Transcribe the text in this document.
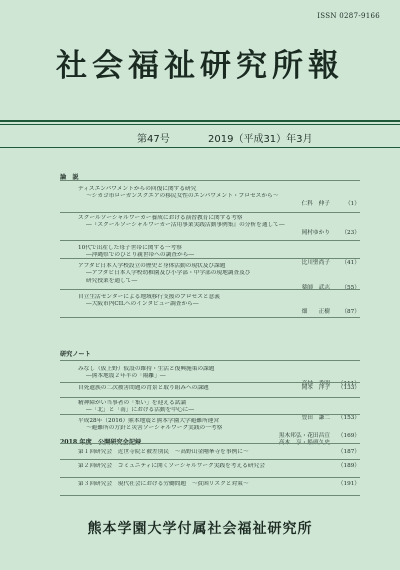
ISSN 0287-9166
社会福祉研究所報
第47号	2019（平成31）年3月
論　説
ディスエンパワメントからの回復に関する研究
～シカゴ市ローガンスクエアの移民女性のエンパワメント・プロセスから～
仁科　伸子	（1）
スクールソーシャルワーカー養成における演習教育に関する考察
―『スクールソーシャルワーカー活用事業実践活動事例集』の分析を通して―
岡村ゆかり （23）
10代で出産した母子世帯に関する一考察
―沖縄県でのひとり親世帯への調査から―
比川聖尚子 （41）
アブダビ日本人学校設立の歴史と身体活動の現状及び課題
―アブダビ日本人学校幼稚園及び小学部・中学部の現地調査及び
研究授業を通して―
薬師　武志 （55）
自立生活センターによる地域移行支援のプロセスと意義
―大阪市内CILへのインタビュー調査から―
畑　　正樹 （87）
研究ノート
みなし（仮上野）仮設の維持・生活と復興施策の課題
―熊本地震２年半の「隔離」―
高林　秀明 （111）
自死遺族の二次被害問題の背景と取り組みへの課題	岡本　洋子 （133）
精神障がい当事者の「集い」を迎える試論
―「北」と「南」における活動を中心に―
豊田　謙二 （153）
平成28年（2016）熊本地震と熊本学園大学避難所運営
～避難所の方針と災害ソーシャルワーク実践の一考察
黒木邦弘・花田昌宣 （169）
高木　亨・船頭久史
2018 年度　公開研究会記録
第１回研究会　近世寺院と被差別民　～高野山金剛峯寺を事例に～	（187）
第２回研究会　コミュニティに開くソーシャルワーク実践を考える研究会	（189）
第３回研究会　現代社会における労働問題　～貧困リスクと対策～	（191）
熊本学園大学付属社会福祉研究所
